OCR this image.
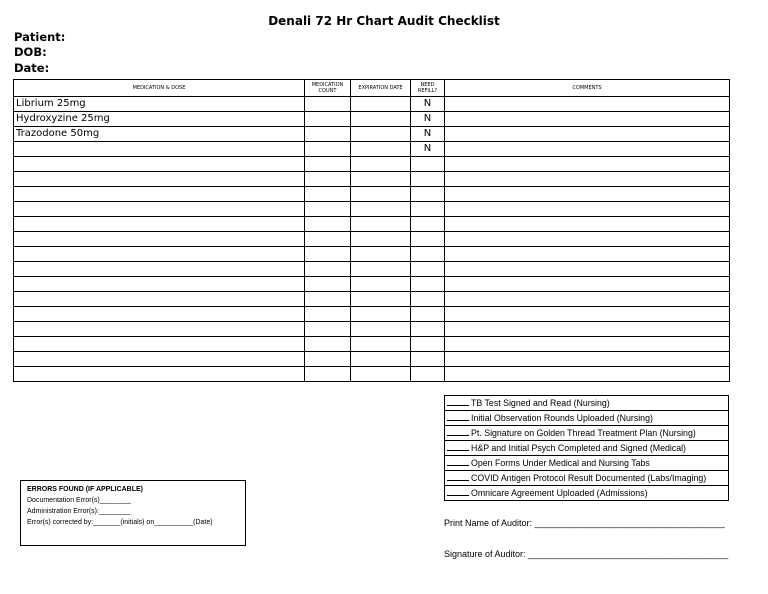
Denali 72 Hr Chart Audit Checklist
Patient:
DOB:
Date:
MEDICATION & DOSE	MEDICATION COUNT	EXPIRATION DATE	NEED REFILL?	COMMENTS
Librium 25mg			N	
Hydroxyzine 25mg			N	
Trazodone 50mg			N	
			N	

ERRORS FOUND (IF APPLICABLE)
Documentation Error(s)________
Administration Error(s):________
Error(s) corrected by:_______(initials) on__________(Date)
TB Test Signed and Read (Nursing)
Initial Observation Rounds Uploaded (Nursing)
Pt. Signature on Golden Thread Treatment Plan (Nursing)
H&P and Initial Psych Completed and Signed (Medical)
Open Forms Under Medical and Nursing Tabs
COVID Antigen Protocol Result Documented (Labs/Imaging)
Omnicare Agreement Uploaded (Admissions)
Print Name of Auditor: ______________________________________
Signature of Auditor: ________________________________________
